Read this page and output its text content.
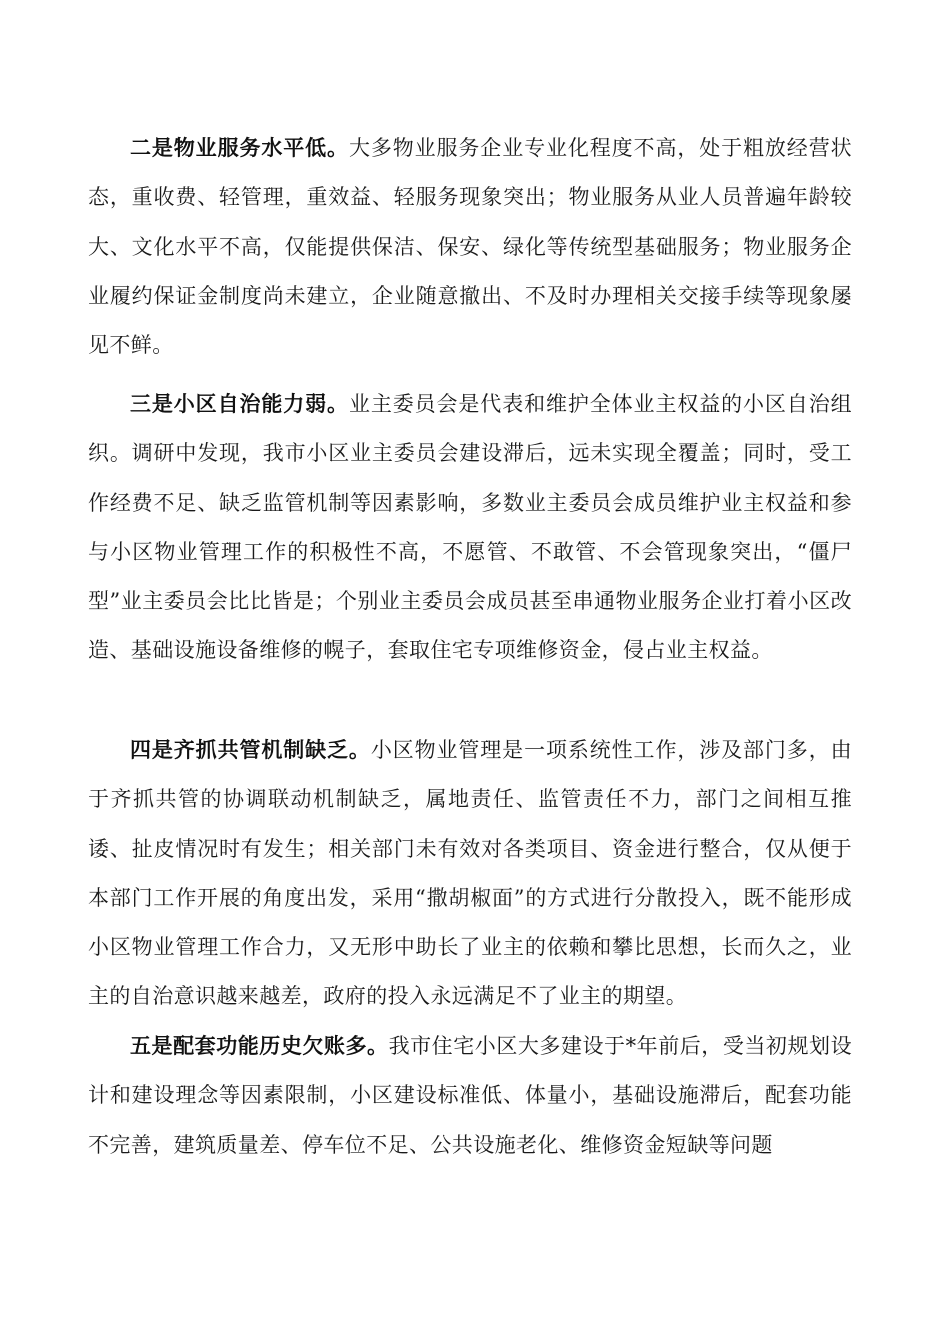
二是物业服务水平低。大多物业服务企业专业化程度不高，处于粗放经营状态，重收费、轻管理，重效益、轻服务现象突出；物业服务从业人员普遍年龄较大、文化水平不高，仅能提供保洁、保安、绿化等传统型基础服务；物业服务企业履约保证金制度尚未建立，企业随意撤出、不及时办理相关交接手续等现象屡见不鲜。

三是小区自治能力弱。业主委员会是代表和维护全体业主权益的小区自治组织。调研中发现，我市小区业主委员会建设滞后，远未实现全覆盖；同时，受工作经费不足、缺乏监管机制等因素影响，多数业主委员会成员维护业主权益和参与小区物业管理工作的积极性不高，不愿管、不敢管、不会管现象突出，“僵尸型”业主委员会比比皆是；个别业主委员会成员甚至串通物业服务企业打着小区改造、基础设施设备维修的幌子，套取住宅专项维修资金，侵占业主权益。

四是齐抓共管机制缺乏。小区物业管理是一项系统性工作，涉及部门多，由于齐抓共管的协调联动机制缺乏，属地责任、监管责任不力，部门之间相互推诿、扯皮情况时有发生；相关部门未有效对各类项目、资金进行整合，仅从便于本部门工作开展的角度出发，采用“撒胡椒面”的方式进行分散投入，既不能形成小区物业管理工作合力，又无形中助长了业主的依赖和攀比思想，长而久之，业主的自治意识越来越差，政府的投入永远满足不了业主的期望。

五是配套功能历史欠账多。我市住宅小区大多建设于*年前后，受当初规划设计和建设理念等因素限制，小区建设标准低、体量小，基础设施滞后，配套功能不完善，建筑质量差、停车位不足、公共设施老化、维修资金短缺等问题
